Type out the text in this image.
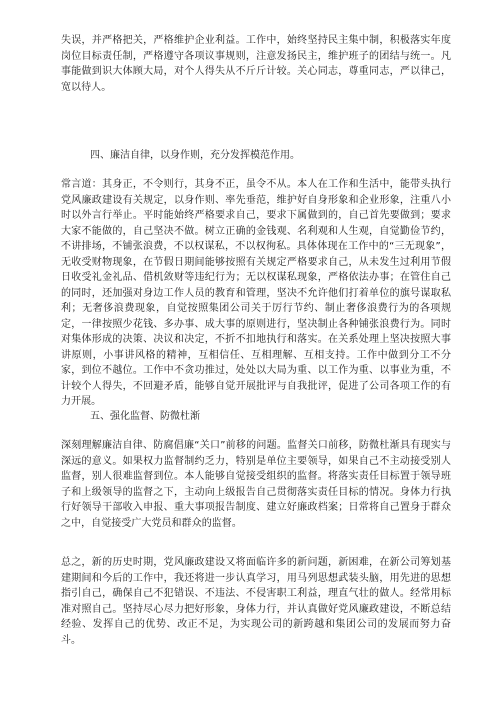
失误，并严格把关，严格维护企业利益。工作中，始终坚持民主集中制，积极落实年度岗位目标责任制，严格遵守各项议事规则，注意发扬民主，维护班子的团结与统一。凡事能做到识大体顾大局，对个人得失从不斤斤计较。关心同志，尊重同志，严以律己，宽以待人。

四、廉洁自律，以身作则，充分发挥模范作用。

常言道：其身正，不令则行，其身不正，虽令不从。本人在工作和生活中，能带头执行党风廉政建设有关规定，以身作则、率先垂范，维护好自身形象和企业形象，注重八小时以外言行举止。平时能始终严格要求自己，要求下属做到的，自己首先要做到；要求大家不能做的，自己坚决不做。树立正确的金钱观、名利观和人生观，自觉勤俭节约，不讲排场，不铺张浪费，不以权谋私，不以权徇私。具体体现在工作中的“三无现象”，无收受财物现象，在节假日期间能够按照有关规定严格要求自己，从未发生过利用节假日收受礼金礼品、借机敛财等违纪行为；无以权谋私现象，严格依法办事；在管住自己的同时，还加强对身边工作人员的教育和管理，坚决不允许他们打着单位的旗号谋取私利；无奢侈浪费现象，自觉按照集团公司关于厉行节约、制止奢侈浪费行为的各项规定，一律按照少花钱、多办事、成大事的原则进行，坚决制止各种铺张浪费行为。同时对集体形成的决策、决议和决定，不折不扣地执行和落实。在关系处理上坚决按照大事讲原则，小事讲风格的精神，互相信任、互相理解、互相支持。工作中做到分工不分家，到位不越位。工作中不贪功推过，处处以大局为重、以工作为重、以事业为重，不计较个人得失，不回避矛盾，能够自觉开展批评与自我批评，促进了公司各项工作的有力开展。

五、强化监督、防微杜渐

深刻理解廉洁自律、防腐倡廉“关口”前移的问题。监督关口前移，防微杜渐具有现实与深远的意义。如果权力监督制约乏力，特别是单位主要领导，如果自己不主动接受别人监督，别人很难监督到位。本人能够自觉接受组织的监督。将落实责任目标置于领导班子和上级领导的监督之下，主动向上级报告自己贯彻落实责任目标的情况。身体力行执行好领导干部收入申报、重大事项报告制度、建立好廉政档案；日常将自己置身于群众之中，自觉接受广大党员和群众的监督。

总之，新的历史时期，党风廉政建设又将面临许多的新问题，新困难，在新公司筹划基建期间和今后的工作中，我还将进一步认真学习，用马列思想武装头脑，用先进的思想指引自己，确保自己不犯错误、不违法、不侵害职工利益，理直气壮的做人。经常用标准对照自己。坚持尽心尽力把好形象，身体力行，并认真做好党风廉政建设，不断总结经验、发挥自己的优势、改正不足，为实现公司的新跨越和集团公司的发展而努力奋斗。
